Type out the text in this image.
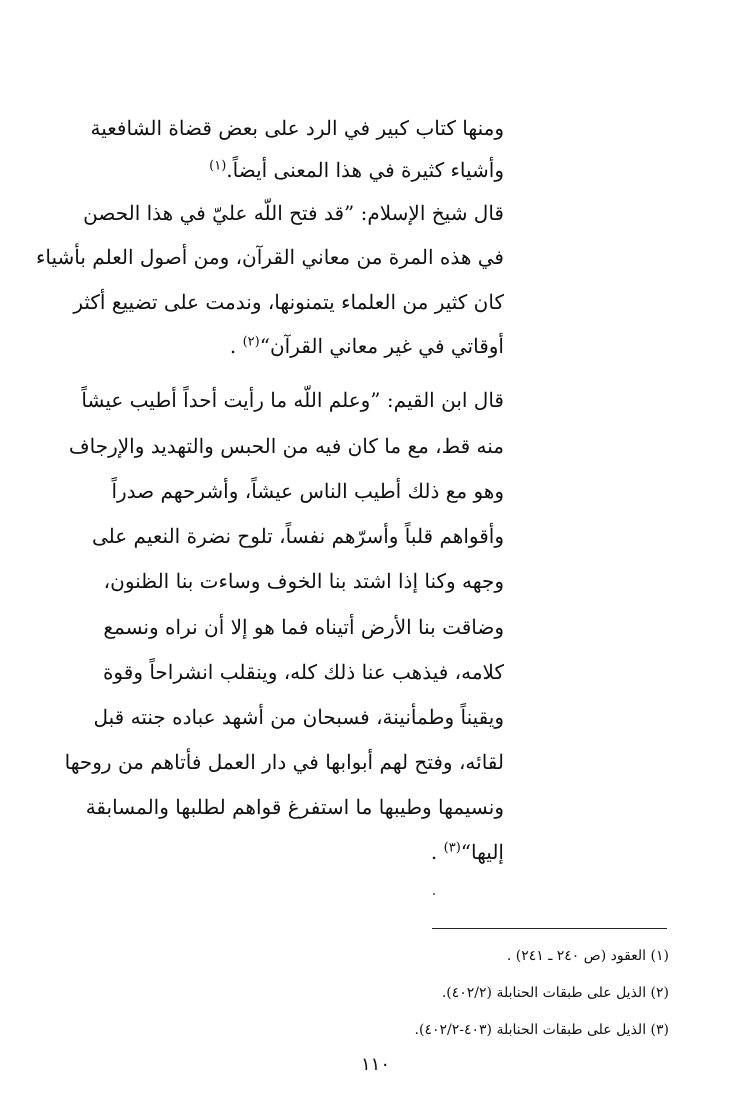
ومنها كتاب كبير في الرد على بعض قضاة الشافعية
وأشياء كثيرة في هذا المعنى أيضاً.$^{(١)}$
قال شيخ الإسلام: ”قد فتح اللّه عليّ في هذا الحصن
في هذه المرة من معاني القرآن، ومن أصول العلم بأشياء
كان كثير من العلماء يتمنونها، وندمت على تضييع أكثر
أوقاتي في غير معاني القرآن“$^{(٢)}$ .
قال ابن القيم: ”وعلم اللّه ما رأيت أحداً أطيب عيشاً
منه قط، مع ما كان فيه من الحبس والتهديد والإرجاف
وهو مع ذلك أطيب الناس عيشاً، وأشرحهم صدراً
وأقواهم قلباً وأسرّهم نفساً، تلوح نضرة النعيم على
وجهه وكنا إذا اشتد بنا الخوف وساءت بنا الظنون،
وضاقت بنا الأرض أتيناه فما هو إلا أن نراه ونسمع
كلامه، فيذهب عنا ذلك كله، وينقلب انشراحاً وقوة
ويقيناً وطمأنينة، فسبحان من أشهد عباده جنته قبل
لقائه، وفتح لهم أبوابها في دار العمل فأتاهم من روحها
ونسيمها وطيبها ما استفرغ قواهم لطلبها والمسابقة
إليها“$^{(٣)}$ .
(١) العقود (ص ٢٤٠ ـ ٢٤١) .
(٢) الذيل على طبقات الحنابلة (٤٠٢/٢).
(٣) الذيل على طبقات الحنابلة (٤٠٣-٤٠٢/٢).
١١٠
